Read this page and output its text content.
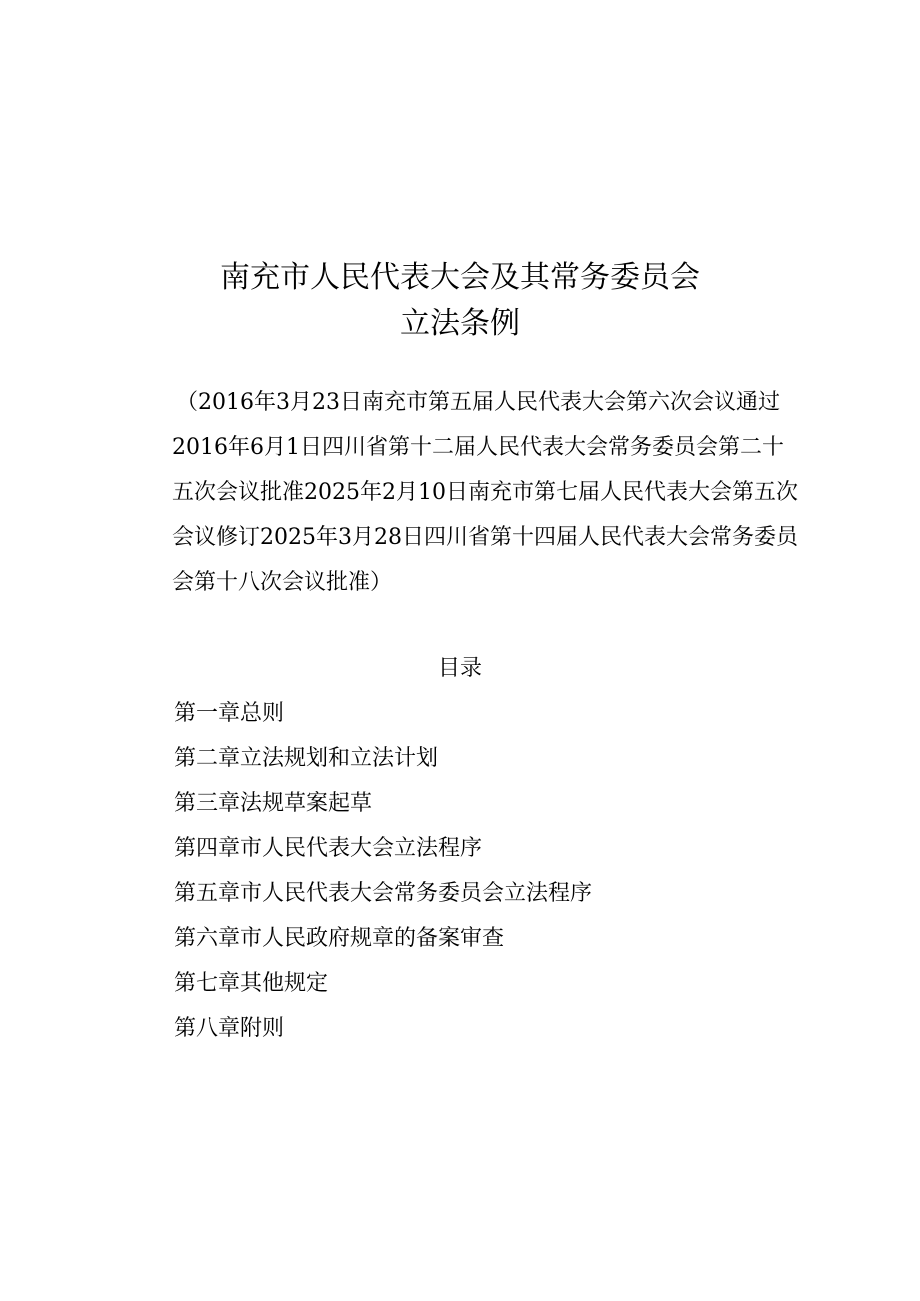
南充市人民代表大会及其常务委员会
立法条例

（2016年3月23日南充市第五届人民代表大会第六次会议通过
2016年6月1日四川省第十二届人民代表大会常务委员会第二十
五次会议批准2025年2月10日南充市第七届人民代表大会第五次
会议修订2025年3月28日四川省第十四届人民代表大会常务委员
会第十八次会议批准）

目录
第一章总则
第二章立法规划和立法计划
第三章法规草案起草
第四章市人民代表大会立法程序
第五章市人民代表大会常务委员会立法程序
第六章市人民政府规章的备案审查
第七章其他规定
第八章附则
